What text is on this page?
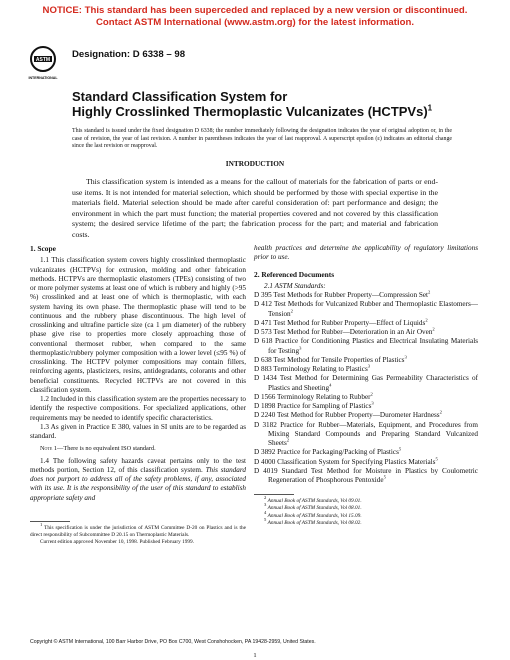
NOTICE: This standard has been superceded and replaced by a new version or discontinued.
Contact ASTM International (www.astm.org) for the latest information.
ASTM
INTERNATIONAL
Designation: D 6338 – 98
Standard Classification System for
Highly Crosslinked Thermoplastic Vulcanizates (HCTPVs)$^1$
This standard is issued under the fixed designation D 6338; the number immediately following the designation indicates the year of original adoption or, in the case of revision, the year of last revision. A number in parentheses indicates the year of last reapproval. A superscript epsilon (ε) indicates an editorial change since the last revision or reapproval.
INTRODUCTION
This classification system is intended as a means for the callout of materials for the fabrication of parts or end-use items. It is not intended for material selection, which should be performed by those with special expertise in the materials field. Material selection should be made after careful consideration of: part performance and design; the environment in which the part must function; the material properties covered and not covered by this classification system; the desired service lifetime of the part; the fabrication process for the part; and material and fabrication costs.

1. Scope

1.1 This classification system covers highly crosslinked thermoplastic vulcanizates (HCTPVs) for extrusion, molding and other fabrication methods. HCTPVs are thermoplastic elastomers (TPEs) consisting of two or more polymer systems at least one of which is rubbery and highly (>95 %) crosslinked and at least one of which is thermoplastic, with each system having its own phase. The thermoplastic phase will tend to be continuous and the rubbery phase discontinuous. The high level of crosslinking and ultrafine particle size (ca 1 μm diameter) of the rubbery phase give rise to properties more closely approaching those of conventional thermoset rubber, when compared to the same thermoplastic/rubbery polymer composition with a lower level (≤95 %) of crosslinking. The HCTPV polymer compositions may contain fillers, reinforcing agents, plasticizers, resins, antidegradants, colorants and other beneficial constituents. Recycled HCTPVs are not covered in this classification system.

1.2 Included in this classification system are the properties necessary to identify the respective compositions. For specialized applications, other requirements may be needed to identify specific characteristics.

1.3 As given in Practice E 380, values in SI units are to be regarded as standard.

Note 1—There is no equivalent ISO standard.

1.4 The following safety hazards caveat pertains only to the test methods portion, Section 12, of this classification system. This standard does not purport to address all of the safety problems, if any, associated with its use. It is the responsibility of the user of this standard to establish appropriate safety and

$^1$ This specification is under the jurisdiction of ASTM Committee D-20 on Plastics and is the direct responsibility of Subcommittee D 20.15 on Thermoplastic Materials.

Current edition approved November 10, 1998. Published February 1999.

health practices and determine the applicability of regulatory limitations prior to use.

2. Referenced Documents

2.1 ASTM Standards:

D 395 Test Methods for Rubber Property—Compression Set$^2$

D 412 Test Methods for Vulcanized Rubber and Thermoplastic Elastomers—Tension$^2$

D 471 Test Method for Rubber Property—Effect of Liquids$^2$

D 573 Test Method for Rubber—Deterioration in an Air Oven$^2$

D 618 Practice for Conditioning Plastics and Electrical Insulating Materials for Testing$^3$

D 638 Test Method for Tensile Properties of Plastics$^3$

D 883 Terminology Relating to Plastics$^3$

D 1434 Test Method for Determining Gas Permeability Characteristics of Plastics and Sheeting$^4$

D 1566 Terminology Relating to Rubber$^2$

D 1898 Practice for Sampling of Plastics$^3$

D 2240 Test Method for Rubber Property—Durometer Hardness$^2$

D 3182 Practice for Rubber—Materials, Equipment, and Procedures from Mixing Standard Compounds and Preparing Standard Vulcanized Sheets$^2$

D 3892 Practice for Packaging/Packing of Plastics$^5$

D 4000 Classification System for Specifying Plastics Materials$^5$

D 4019 Standard Test Method for Moisture in Plastics by Coulometric Regeneration of Phosphorous Pentoxide$^5$

$^2$ Annual Book of ASTM Standards, Vol 09.01.

$^3$ Annual Book of ASTM Standards, Vol 08.01.

$^4$ Annual Book of ASTM Standards, Vol 15.09.

$^5$ Annual Book of ASTM Standards, Vol 08.02.

Copyright © ASTM International, 100 Barr Harbor Drive, PO Box C700, West Conshohocken, PA 19428-2959, United States.
1
